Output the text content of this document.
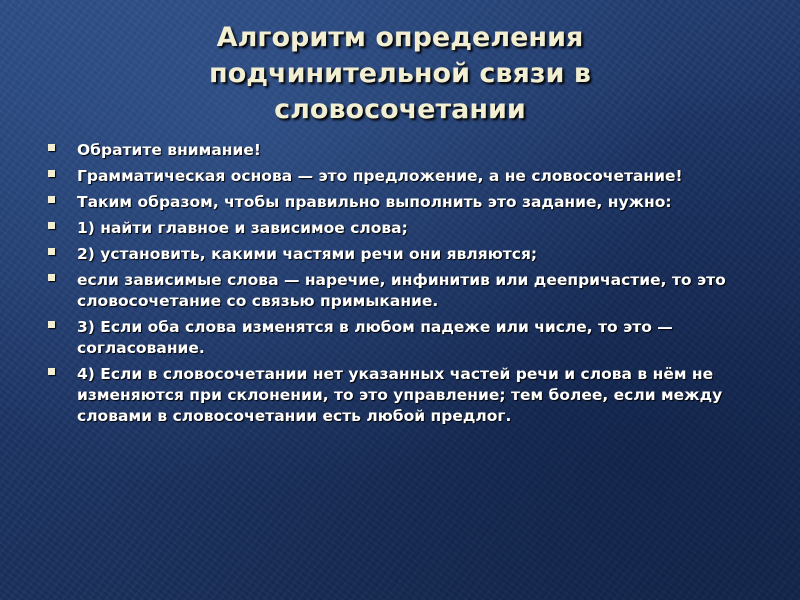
Алгоритм определения
подчинительной связи в
словосочетании
Обратите внимание!
Грамматическая основа — это предложение, а не словосочетание!
Таким образом, чтобы правильно выполнить это задание, нужно:
1) найти главное и зависимое слова;
2) установить, какими частями речи они являются;
если зависимые слова — наречие, инфинитив или деепричастие, то это словосочетание со связью примыкание.
3) Если оба слова изменятся в любом падеже или числе, то это — согласование.
4) Если в словосочетании нет указанных частей речи и слова в нём не изменяются при склонении, то это управление; тем более, если между словами в словосочетании есть любой предлог.
